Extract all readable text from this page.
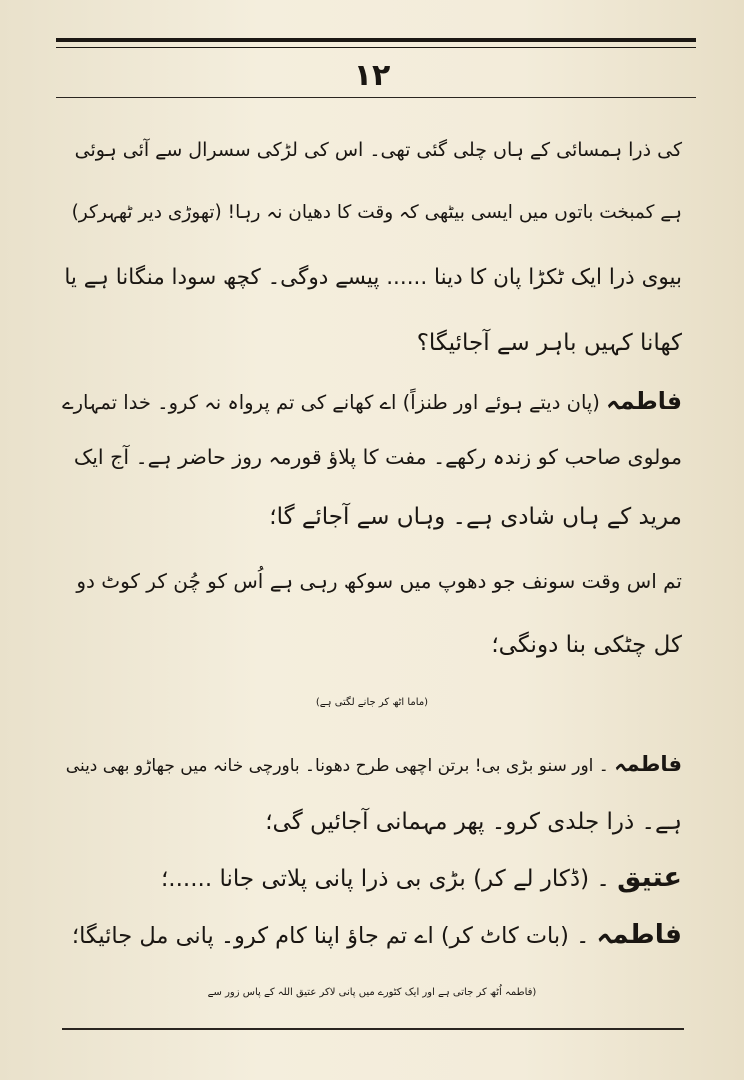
۱۲
کی ذرا ہمسائی کے ہاں چلی گئی تھی۔ اس کی لڑکی سسرال سے آئی ہوئی
ہے کمبخت باتوں میں ایسی بیٹھی کہ وقت کا دھیان نہ رہا! (تھوڑی دیر ٹھہرکر)
بیوی ذرا ایک ٹکڑا پان کا دینا ...... پیسے دوگی۔ کچھ سودا منگانا ہے یا
کھانا کہیں باہر سے آجائیگا؟
فاطمہ (پان دیتے ہوئے اور طنزاً) اے کھانے کی تم پرواہ نہ کرو۔ خدا تمہارے
مولوی صاحب کو زندہ رکھے۔ مفت کا پلاؤ قورمہ روز حاضر ہے۔ آج ایک
مرید کے ہاں شادی ہے۔ وہاں سے آجائے گا؛
تم اس وقت سونف جو دھوپ میں سوکھ رہی ہے اُس کو چُن کر کوٹ دو
کل چٹکی بنا دونگی؛
(ماما اٹھ کر جانے لگتی ہے)
فاطمہ ۔ اور سنو بڑی بی! برتن اچھی طرح دھونا۔ باورچی خانہ میں جھاڑو بھی دینی
ہے۔ ذرا جلدی کرو۔ پھر مہمانی آجائیں گی؛
عتیق ۔ (ڈکار لے کر) بڑی بی ذرا پانی پلاتی جانا ......؛
فاطمہ ۔ (بات کاٹ کر) اے تم جاؤ اپنا کام کرو۔ پانی مل جائیگا؛
(فاطمہ اُٹھ کر جاتی ہے اور ایک کٹورے میں پانی لاکر عتیق اللہ کے پاس زور سے
